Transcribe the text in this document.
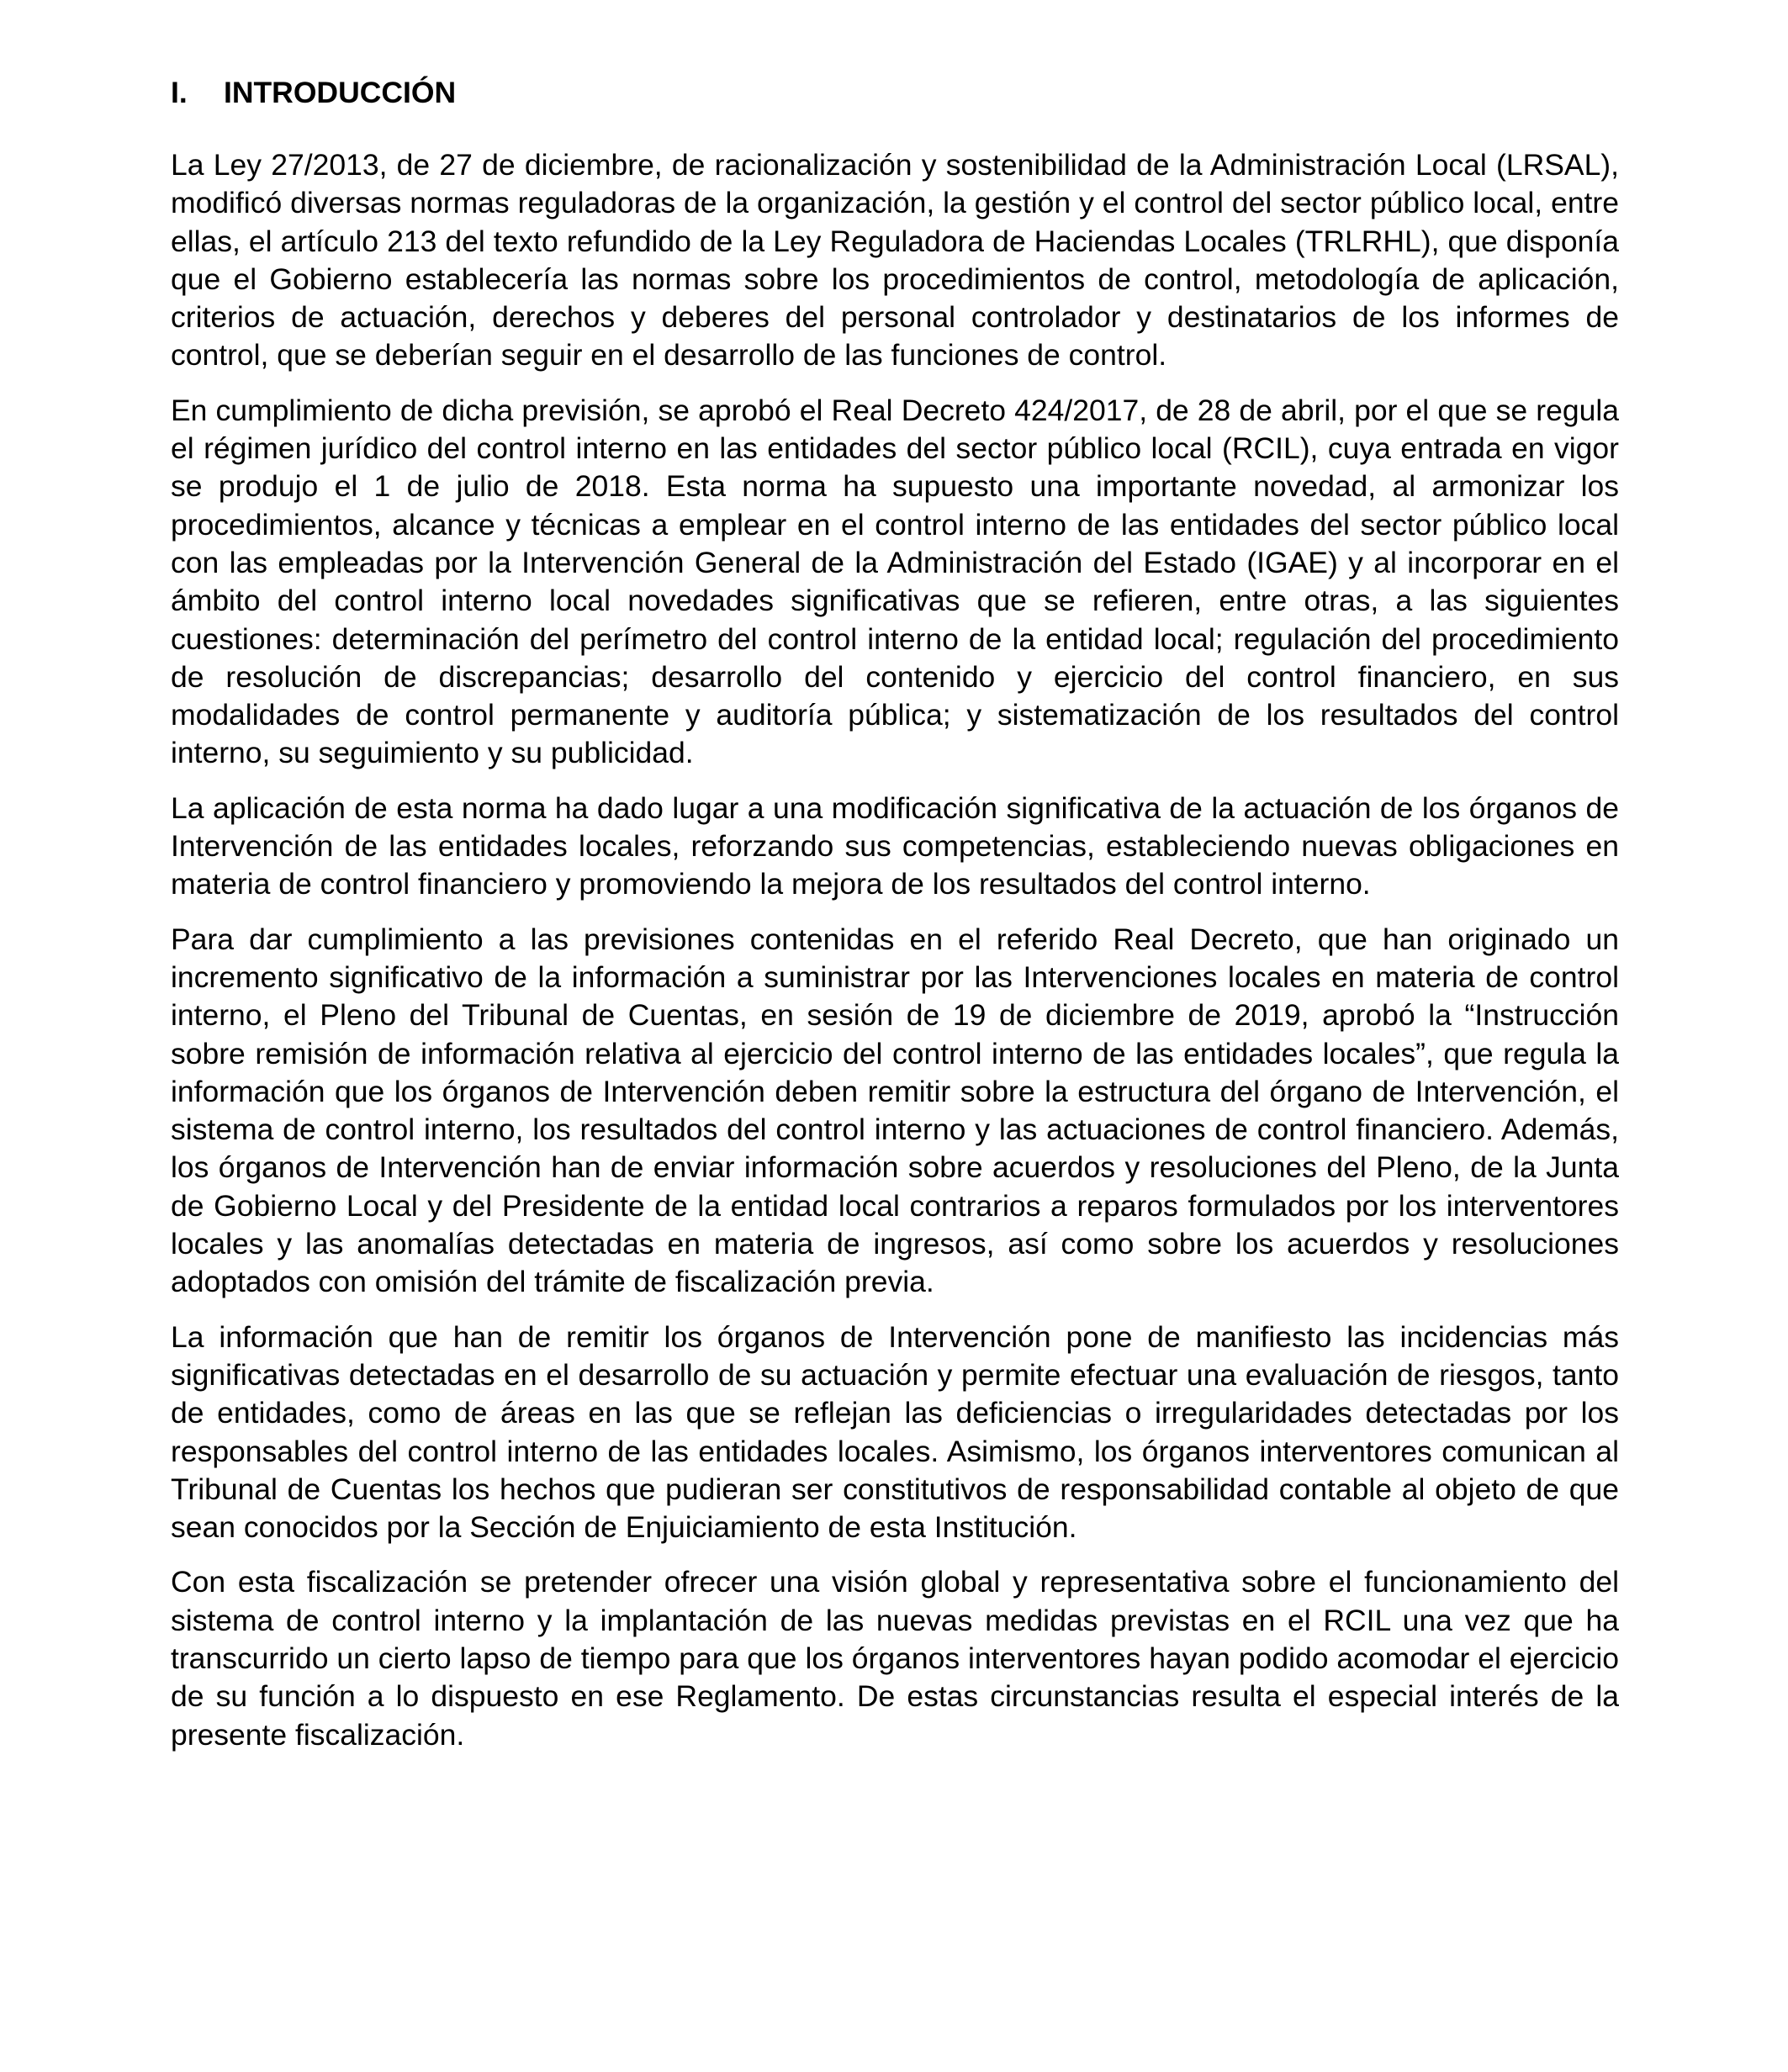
I.	INTRODUCCIÓN

La Ley 27/2013, de 27 de diciembre, de racionalización y sostenibilidad de la Administración Local (LRSAL), modificó diversas normas reguladoras de la organización, la gestión y el control del sector público local, entre ellas, el artículo 213 del texto refundido de la Ley Reguladora de Haciendas Locales (TRLRHL), que disponía que el Gobierno establecería las normas sobre los procedimientos de control, metodología de aplicación, criterios de actuación, derechos y deberes del personal controlador y destinatarios de los informes de control, que se deberían seguir en el desarrollo de las funciones de control.

En cumplimiento de dicha previsión, se aprobó el Real Decreto 424/2017, de 28 de abril, por el que se regula el régimen jurídico del control interno en las entidades del sector público local (RCIL), cuya entrada en vigor se produjo el 1 de julio de 2018. Esta norma ha supuesto una importante novedad, al armonizar los procedimientos, alcance y técnicas a emplear en el control interno de las entidades del sector público local con las empleadas por la Intervención General de la Administración del Estado (IGAE) y al incorporar en el ámbito del control interno local novedades significativas que se refieren, entre otras, a las siguientes cuestiones: determinación del perímetro del control interno de la entidad local; regulación del procedimiento de resolución de discrepancias; desarrollo del contenido y ejercicio del control financiero, en sus modalidades de control permanente y auditoría pública; y sistematización de los resultados del control interno, su seguimiento y su publicidad.

La aplicación de esta norma ha dado lugar a una modificación significativa de la actuación de los órganos de Intervención de las entidades locales, reforzando sus competencias, estableciendo nuevas obligaciones en materia de control financiero y promoviendo la mejora de los resultados del control interno.

Para dar cumplimiento a las previsiones contenidas en el referido Real Decreto, que han originado un incremento significativo de la información a suministrar por las Intervenciones locales en materia de control interno, el Pleno del Tribunal de Cuentas, en sesión de 19 de diciembre de 2019, aprobó la “Instrucción sobre remisión de información relativa al ejercicio del control interno de las entidades locales”, que regula la información que los órganos de Intervención deben remitir sobre la estructura del órgano de Intervención, el sistema de control interno, los resultados del control interno y las actuaciones de control financiero. Además, los órganos de Intervención han de enviar información sobre acuerdos y resoluciones del Pleno, de la Junta de Gobierno Local y del Presidente de la entidad local contrarios a reparos formulados por los interventores locales y las anomalías detectadas en materia de ingresos, así como sobre los acuerdos y resoluciones adoptados con omisión del trámite de fiscalización previa.

La información que han de remitir los órganos de Intervención pone de manifiesto las incidencias más significativas detectadas en el desarrollo de su actuación y permite efectuar una evaluación de riesgos, tanto de entidades, como de áreas en las que se reflejan las deficiencias o irregularidades detectadas por los responsables del control interno de las entidades locales. Asimismo, los órganos interventores comunican al Tribunal de Cuentas los hechos que pudieran ser constitutivos de responsabilidad contable al objeto de que sean conocidos por la Sección de Enjuiciamiento de esta Institución.

Con esta fiscalización se pretender ofrecer una visión global y representativa sobre el funcionamiento del sistema de control interno y la implantación de las nuevas medidas previstas en el RCIL una vez que ha transcurrido un cierto lapso de tiempo para que los órganos interventores hayan podido acomodar el ejercicio de su función a lo dispuesto en ese Reglamento. De estas circunstancias resulta el especial interés de la presente fiscalización.
